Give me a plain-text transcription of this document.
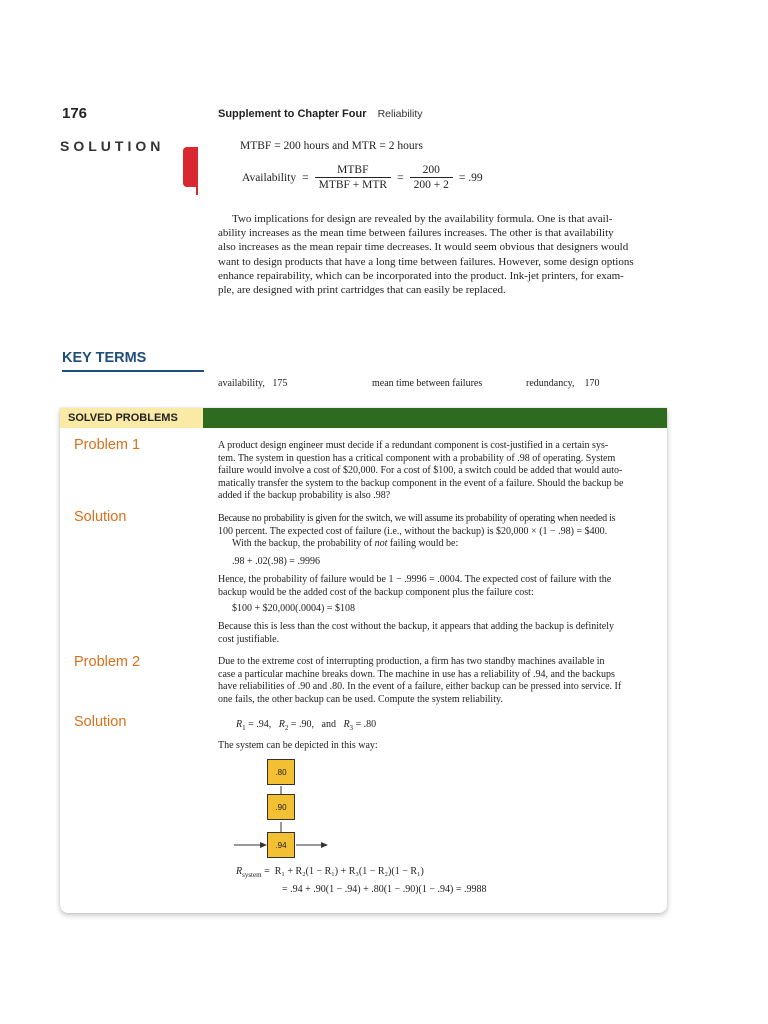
176	Supplement to Chapter Four Reliability
SOLUTION	MTBF = 200 hours and MTR = 2 hours
Availability = $\frac{\text{MTBF}}{\text{MTBF + MTR}} = \frac{200}{200 + 2} = .99$
Two implications for design are revealed by the availability formula. One is that avail-
ability increases as the mean time between failures increases. The other is that availability
also increases as the mean repair time decreases. It would seem obvious that designers would
want to design products that have a long time between failures. However, some design options
enhance repairability, which can be incorporated into the product. Ink-jet printers, for exam-
ple, are designed with print cartridges that can easily be replaced.
KEY TERMS

availability,   175

	mean time between failures

	redundancy,    170

SOLVED PROBLEMS
Problem 1	A product design engineer must decide if a redundant component is cost-justified in a certain sys-
tem. The system in question has a critical component with a probability of .98 of operating. System
failure would involve a cost of $20,000. For a cost of $100, a switch could be added that would auto-
matically transfer the system to the backup component in the event of a failure. Should the backup be
added if the backup probability is also .98?
Solution	Because no probability is given for the switch, we will assume its probability of operating when needed is
100 percent. The expected cost of failure (i.e., without the backup) is $20,000 × (1 − .98) = $400.
With the backup, the probability of not failing would be:
.98 + .02(.98) = .9996
Hence, the probability of failure would be 1 − .9996 = .0004. The expected cost of failure with the
backup would be the added cost of the backup component plus the failure cost:
$100 + $20,000(.0004) = $108
Because this is less than the cost without the backup, it appears that adding the backup is definitely
cost justifiable.
Problem 2	Due to the extreme cost of interrupting production, a firm has two standby machines available in
case a particular machine breaks down. The machine in use has a reliability of .94, and the backups
have reliabilities of .90 and .80. In the event of a failure, either backup can be pressed into service. If
one fails, the other backup can be used. Compute the system reliability.
Solution	$R_1 = .94$,   $R_2 = .90$,   and   $R_3 = .80$
The system can be depicted in this way:
.80
.90
.94
$R_{system} = R_1 + R_2(1 - R_1) + R_3(1 - R_2)(1 - R_1)$
= .94 + .90(1 − .94) + .80(1 − .90)(1 − .94) = .9988
